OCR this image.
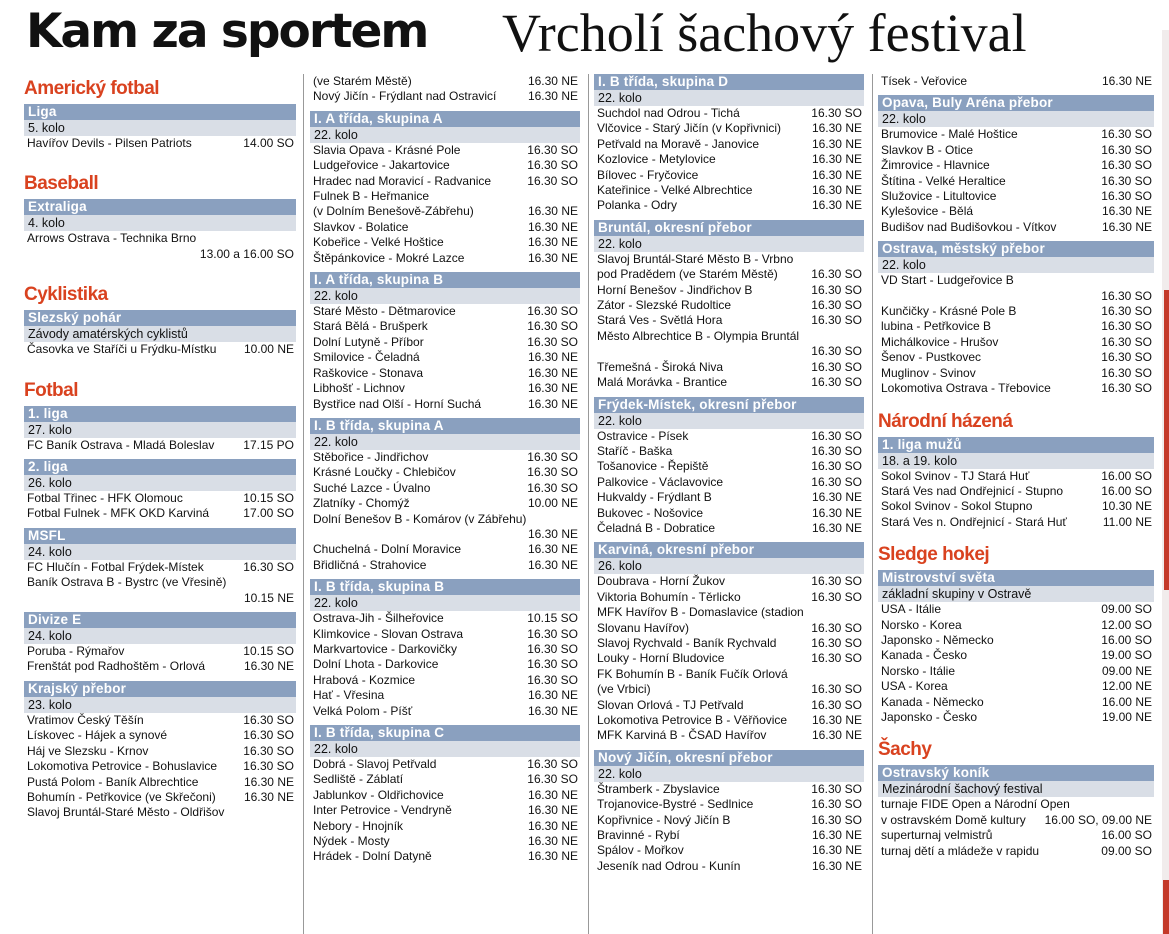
Kam za sportem Vrcholí šachový festival
Americký fotbal
Liga
5. kolo
Havířov Devils - Pilsen Patriots	14.00 SO
Baseball
Extraliga
4. kolo
Arrows Ostrava - Technika Brno
13.00 a 16.00 SO
Cyklistika
Slezský pohár
Závody amatérských cyklistů
Časovka ve Staříči u Frýdku-Místku	10.00 NE
Fotbal
1. liga
27. kolo
FC Baník Ostrava - Mladá Boleslav	17.15 PO
2. liga
26. kolo
Fotbal Třinec - HFK Olomouc	10.15 SO
Fotbal Fulnek - MFK OKD Karviná	17.00 SO
MSFL
24. kolo
FC Hlučín - Fotbal Frýdek-Místek	16.30 SO
Baník Ostrava B - Bystrc (ve Vřesině)
10.15 NE
Divize E
24. kolo
Poruba - Rýmařov	10.15 SO
Frenštát pod Radhoštěm - Orlová	16.30 NE
Krajský přebor
23. kolo
Vratimov Český Těšín	16.30 SO
Lískovec - Hájek a synové	16.30 SO
Háj ve Slezsku - Krnov	16.30 SO
Lokomotiva Petrovice - Bohuslavice	16.30 SO
Pustá Polom - Baník Albrechtice	16.30 NE
Bohumín - Petřkovice (ve Skřečoni)	16.30 NE
Slavoj Bruntál-Staré Město - Oldřišov
(ve Starém Městě)	16.30 NE
Nový Jičín - Frýdlant nad Ostravicí	16.30 NE
I. A třída, skupina A
22. kolo
Slavia Opava - Krásné Pole	16.30 SO
Ludgeřovice - Jakartovice	16.30 SO
Hradec nad Moravicí - Radvanice	16.30 SO
Fulnek B - Heřmanice
(v Dolním Benešově-Zábřehu)	16.30 NE
Slavkov - Bolatice	16.30 NE
Kobeřice - Velké Hoštice	16.30 NE
Štěpánkovice - Mokré Lazce	16.30 NE
I. A třída, skupina B
22. kolo
Staré Město - Dětmarovice	16.30 SO
Stará Bělá - Brušperk	16.30 SO
Dolní Lutyně - Příbor	16.30 SO
Smilovice - Čeladná	16.30 NE
Raškovice - Stonava	16.30 NE
Libhošť - Lichnov	16.30 NE
Bystřice nad Olší - Horní Suchá	16.30 NE
I. B třída, skupina A
22. kolo
Stěbořice - Jindřichov	16.30 SO
Krásné Loučky - Chlebičov	16.30 SO
Suché Lazce - Úvalno	16.30 SO
Zlatníky - Chomýž	10.00 NE
Dolní Benešov B - Komárov (v Zábřehu)
16.30 NE
Chuchelná - Dolní Moravice	16.30 NE
Břidličná - Strahovice	16.30 NE
I. B třída, skupina B
22. kolo
Ostrava-Jih - Šilheřovice	10.15 SO
Klimkovice - Slovan Ostrava	16.30 SO
Markvartovice - Darkovičky	16.30 SO
Dolní Lhota - Darkovice	16.30 SO
Hrabová - Kozmice	16.30 SO
Hať - Vřesina	16.30 NE
Velká Polom - Píšť	16.30 NE
I. B třída, skupina C
22. kolo
Dobrá - Slavoj Petřvald	16.30 SO
Sedliště - Záblatí	16.30 SO
Jablunkov - Oldřichovice	16.30 NE
Inter Petrovice - Vendryně	16.30 NE
Nebory - Hnojník	16.30 NE
Nýdek - Mosty	16.30 NE
Hrádek - Dolní Datyně	16.30 NE
I. B třída, skupina D
22. kolo
Suchdol nad Odrou - Tichá	16.30 SO
Vlčovice - Starý Jičín (v Kopřivnici)	16.30 NE
Petřvald na Moravě - Janovice	16.30 NE
Kozlovice - Metylovice	16.30 NE
Bílovec - Fryčovice	16.30 NE
Kateřinice - Velké Albrechtice	16.30 NE
Polanka - Odry	16.30 NE
Bruntál, okresní přebor
22. kolo
Slavoj Bruntál-Staré Město B - Vrbno
pod Pradědem (ve Starém Městě)	16.30 SO
Horní Benešov - Jindřichov B	16.30 SO
Zátor - Slezské Rudoltice	16.30 SO
Stará Ves - Světlá Hora	16.30 SO
Město Albrechtice B - Olympia Bruntál
16.30 SO
Třemešná - Široká Niva	16.30 SO
Malá Morávka - Brantice	16.30 SO
Frýdek-Místek, okresní přebor
22. kolo
Ostravice - Písek	16.30 SO
Staříč - Baška	16.30 SO
Tošanovice - Řepiště	16.30 SO
Palkovice - Václavovice	16.30 SO
Hukvaldy - Frýdlant B	16.30 NE
Bukovec - Nošovice	16.30 NE
Čeladná B - Dobratice	16.30 NE
Karviná, okresní přebor
26. kolo
Doubrava - Horní Žukov	16.30 SO
Viktoria Bohumín - Těrlicko	16.30 SO
MFK Havířov B - Domaslavice (stadion
Slovanu Havířov)	16.30 SO
Slavoj Rychvald - Baník Rychvald	16.30 SO
Louky - Horní Bludovice	16.30 SO
FK Bohumín B - Baník Fučík Orlová
(ve Vrbici)	16.30 SO
Slovan Orlová - TJ Petřvald	16.30 SO
Lokomotiva Petrovice B - Věřňovice	16.30 NE
MFK Karviná B - ČSAD Havířov	16.30 NE
Nový Jičín, okresní přebor
22. kolo
Štramberk - Zbyslavice	16.30 SO
Trojanovice-Bystré - Sedlnice	16.30 SO
Kopřivnice - Nový Jičín B	16.30 SO
Bravinné - Rybí	16.30 NE
Spálov - Mořkov	16.30 NE
Jeseník nad Odrou - Kunín	16.30 NE
Tísek - Veřovice	16.30 NE
Opava, Buly Aréna přebor
22. kolo
Brumovice - Malé Hoštice	16.30 SO
Slavkov B - Otice	16.30 SO
Žimrovice - Hlavnice	16.30 SO
Štítina - Velké Heraltice	16.30 SO
Služovice - Litultovice	16.30 SO
Kylešovice - Bělá	16.30 NE
Budišov nad Budišovkou - Vítkov	16.30 NE
Ostrava, městský přebor
22. kolo
VD Start - Ludgeřovice B
16.30 SO
Kunčičky - Krásné Pole B	16.30 SO
lubina - Petřkovice B	16.30 SO
Michálkovice - Hrušov	16.30 SO
Šenov - Pustkovec	16.30 SO
Muglinov - Svinov	16.30 SO
Lokomotiva Ostrava - Třebovice	16.30 SO
Národní házená
1. liga mužů
18. a 19. kolo
Sokol Svinov - TJ Stará Huť	16.00 SO
Stará Ves nad Ondřejnicí - Stupno	16.00 SO
Sokol Svinov - Sokol Stupno	10.30 NE
Stará Ves n. Ondřejnicí - Stará Huť	11.00 NE
Sledge hokej
Mistrovství světa
základní skupiny v Ostravě
USA - Itálie	09.00 SO
Norsko - Korea	12.00 SO
Japonsko - Německo	16.00 SO
Kanada - Česko	19.00 SO
Norsko - Itálie	09.00 NE
USA - Korea	12.00 NE
Kanada - Německo	16.00 NE
Japonsko - Česko	19.00 NE
Šachy
Ostravský koník
Mezinárodní šachový festival
turnaje FIDE Open a Národní Open
v ostravském Domě kultury	16.00 SO, 09.00 NE
superturnaj velmistrů	16.00 SO
turnaj dětí a mládeže v rapidu	09.00 SO
